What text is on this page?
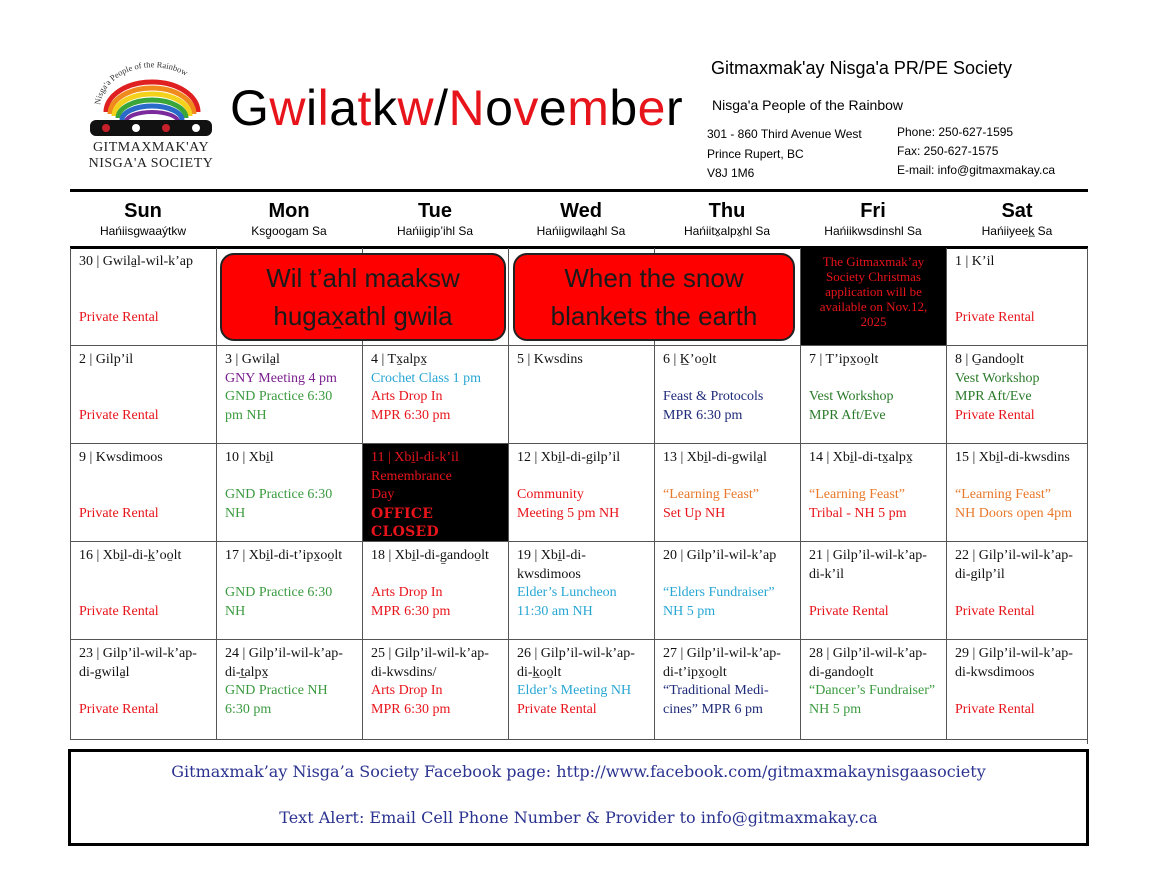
Nisga'a People of the Rainbow
GITMAXMAK'AY
NISGA'A SOCIETY
Gwilatkw/November
Gitmaxmak'ay Nisga'a PR/PE Society
Nisga'a People of the Rainbow
301 - 860 Third Avenue West
Prince Rupert, BC
V8J 1M6
Phone: 250-627-1595
Fax: 250-627-1575
E-mail: info@gitmaxmakay.ca
Sun
Hańiisgwaaýtkw
Mon
Ksg̱oogam Sa
Tue
Hańiigip’ihl Sa
Wed
Hańiigwilaa̱hl Sa
Thu
Hańiitx̱alpx̱hl Sa
Fri
Hańiikwsdinshl Sa
Sat
Hańiiyeek̲ Sa
30 | Gwila̱l-wil-k’ap
Private Rental
The Gitmaxmak’ay
Society Christmas
application will be
available on Nov.12,
2025
1 | K’il
Private Rental
2 | Gilp’il
Private Rental
3 | Gwila̱l
GNY Meeting 4 pm
GND Practice 6:30
pm NH
4 | Tx̱alpx̱
Crochet Class 1 pm
Arts Drop In
MPR 6:30 pm
5 | Kwsdins	6 | K̲’oo̱lt
Feast & Protocols
MPR 6:30 pm
7 | T’ipx̱oo̱lt
Vest Workshop
MPR Aft/Eve
8 | G̱andoo̱lt
Vest Workshop
MPR Aft/Eve
Private Rental
9 | Kwsdimoos
Private Rental
10 | Xbi̱l
GND Practice 6:30
NH
11 | Xbi̱l-di-k’il
Remembrance
Day
OFFICE CLOSED
12 | Xbi̱l-di-gilp’il
Community
Meeting 5 pm NH
13 | Xbi̱l-di-gwila̱l
“Learning Feast”
Set Up NH
14 | Xbi̱l-di-tx̱alpx̱
“Learning Feast”
Tribal - NH 5 pm
15 | Xbi̱l-di-kwsdins
“Learning Feast”
NH Doors open 4pm
16 | Xbi̱l-di-k̲’oo̱lt
Private Rental
17 | Xbi̱l-di-t’ipx̱oo̱lt
GND Practice 6:30
NH
18 | Xbi̱l-di-g̱andoo̱lt
Arts Drop In
MPR 6:30 pm
19 | Xbi̱l-di-
kwsdimoos
Elder’s Luncheon
11:30 am NH
20 | Gilp’il-wil-k’ap
“Elders Fundraiser”
NH 5 pm
21 | Gilp’il-wil-k’ap-
di-k’il
Private Rental
22 | Gilp’il-wil-k’ap-
di-gilp’il
Private Rental
23 | Gilp’il-wil-k’ap-
di-gwila̱l
Private Rental
24 | Gilp’il-wil-k’ap-
di-t̲alpx̱
GND Practice NH
6:30 pm
25 | Gilp’il-wil-k’ap-
di-kwsdins/
Arts Drop In
MPR 6:30 pm
26 | Gilp’il-wil-k’ap-
di-k̲oo̱lt
Elder’s Meeting NH
Private Rental
27 | Gilp’il-wil-k’ap-
di-t’ipx̱oo̱lt
“Traditional Medi-
cines” MPR 6 pm
28 | Gilp’il-wil-k’ap-
di-gandoo̱lt
“Dancer’s Fundraiser”
NH 5 pm
29 | Gilp’il-wil-k’ap-
di-kwsdimoos
Private Rental
Wil t’ahl maaksw
hugax̱athl gwila
When the snow
blankets the earth
Gitmaxmak’ay Nisga’a Society Facebook page: http://www.facebook.com/gitmaxmakaynisgaasociety
Text Alert: Email Cell Phone Number & Provider to info@gitmaxmakay.ca
